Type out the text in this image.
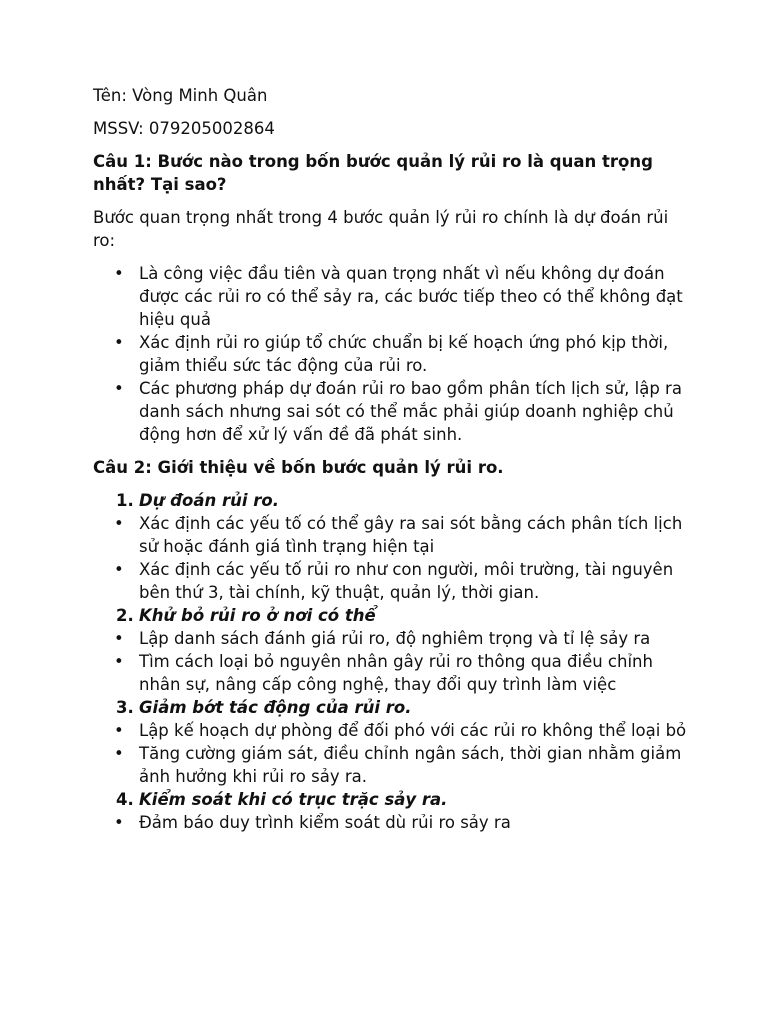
Tên: Vòng Minh Quân

MSSV: 079205002864

Câu 1: Bước nào trong bốn bước quản lý rủi ro là quan trọng nhất? Tại sao?

Bước quan trọng nhất trong 4 bước quản lý rủi ro chính là dự đoán rủi ro:

• Là công việc đầu tiên và quan trọng nhất vì nếu không dự đoán được các rủi ro có thể sảy ra, các bước tiếp theo có thể không đạt hiệu quả
• Xác định rủi ro giúp tổ chức chuẩn bị kế hoạch ứng phó kịp thời, giảm thiểu sức tác động của rủi ro.
• Các phương pháp dự đoán rủi ro bao gồm phân tích lịch sử, lập ra danh sách nhưng sai sót có thể mắc phải giúp doanh nghiệp chủ động hơn để xử lý vấn đề đã phát sinh.

Câu 2: Giới thiệu về bốn bước quản lý rủi ro.

1. Dự đoán rủi ro.
• Xác định các yếu tố có thể gây ra sai sót bằng cách phân tích lịch sử hoặc đánh giá tình trạng hiện tại
• Xác định các yếu tố rủi ro như con người, môi trường, tài nguyên bên thứ 3, tài chính, kỹ thuật, quản lý, thời gian.
2. Khử bỏ rủi ro ở nơi có thể
• Lập danh sách đánh giá rủi ro, độ nghiêm trọng và tỉ lệ sảy ra
• Tìm cách loại bỏ nguyên nhân gây rủi ro thông qua điều chỉnh nhân sự, nâng cấp công nghệ, thay đổi quy trình làm việc
3. Giảm bớt tác động của rủi ro.
• Lập kế hoạch dự phòng để đối phó với các rủi ro không thể loại bỏ
• Tăng cường giám sát, điều chỉnh ngân sách, thời gian nhằm giảm ảnh hưởng khi rủi ro sảy ra.
4. Kiểm soát khi có trục trặc sảy ra.
• Đảm báo duy trình kiểm soát dù rủi ro sảy ra
